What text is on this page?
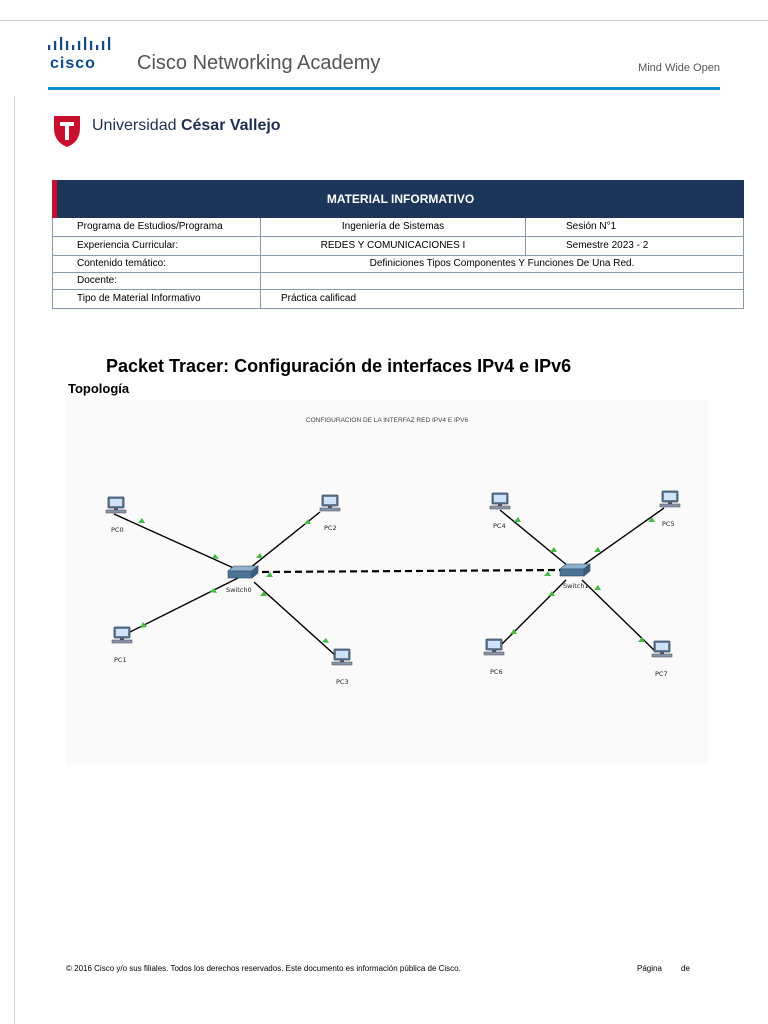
cisco Cisco Networking Academy	Mind Wide Open
Universidad César Vallejo
MATERIAL INFORMATIVO
Programa de Estudios/Programa	Ingeniería de Sistemas	Sesión N°1
Experiencia Curricular:	REDES Y COMUNICACIONES I	Semestre 2023 - 2
Contenido temático:	Definiciones Tipos Componentes Y Funciones De Una Red.
Docente:
Tipo de Material Informativo	Práctica calificad
Packet Tracer: Configuración de interfaces IPv4 e IPv6
Topología
CONFIGURACION DE LA INTERFAZ RED IPV4 E IPV6
PC0
PC1
PC2
PC3
PC4	PC5
PC6	PC7
Switch0	Switch1
© 2016 Cisco y/o sus filiales. Todos los derechos reservados. Este documento es información pública de Cisco.	Página de
